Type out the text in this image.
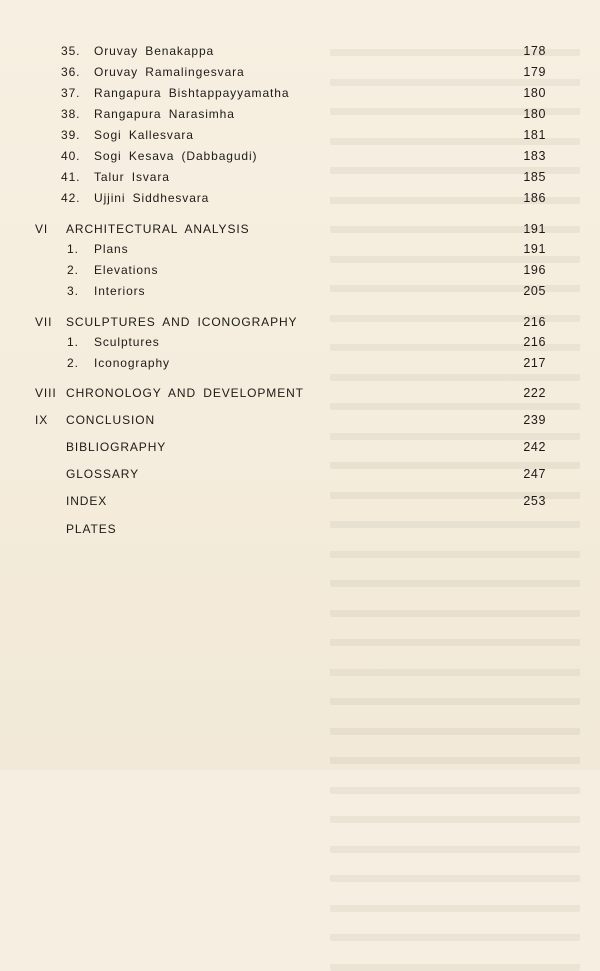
35. Oruvay Benakappa	178
36. Oruvay Ramalingesvara	179
37. Rangapura Bishtappayyamatha	180
38. Rangapura Narasimha	180
39. Sogi Kallesvara	181
40. Sogi Kesava (Dabbagudi)	183
41. Talur Isvara	185
42. Ujjini Siddhesvara	186
VI ARCHITECTURAL ANALYSIS	191
1. Plans	191
2. Elevations	196
3. Interiors	205
VII SCULPTURES AND ICONOGRAPHY	216
1. Sculptures	216
2. Iconography	217
VIII CHRONOLOGY AND DEVELOPMENT	222
IX CONCLUSION	239
BIBLIOGRAPHY	242
GLOSSARY	247
INDEX	253
PLATES
